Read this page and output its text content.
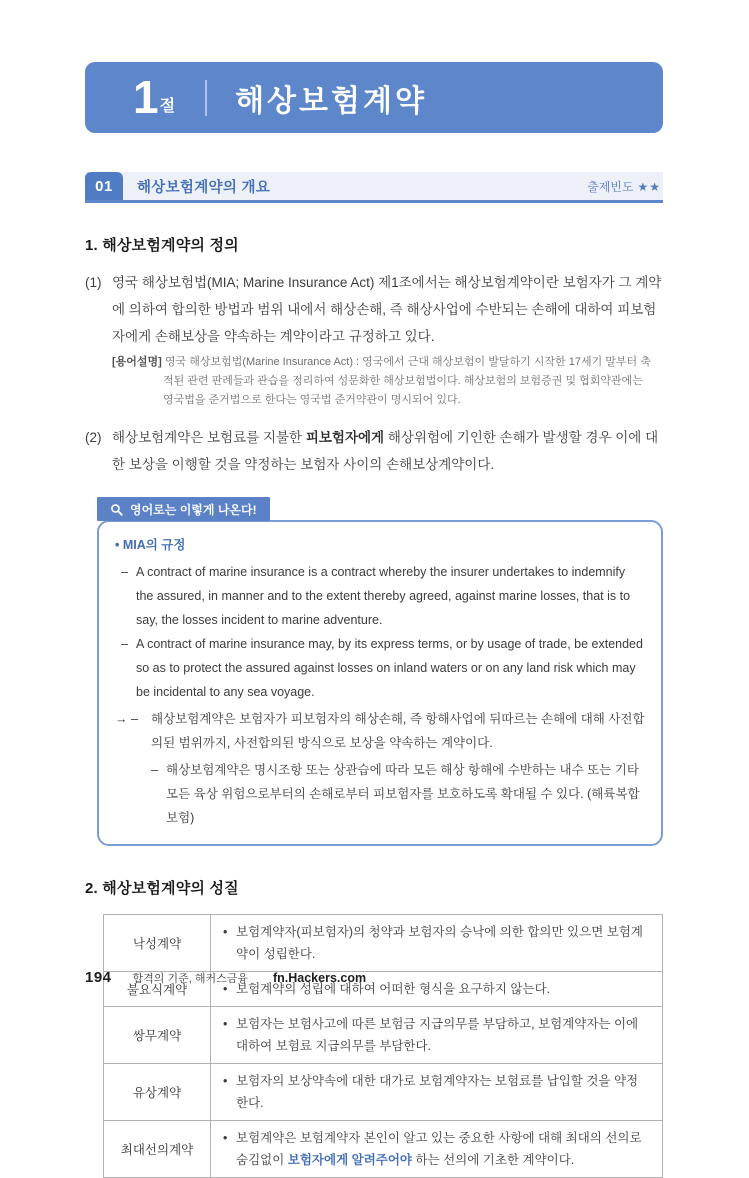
1 절 해상보험계약
01	해상보험계약의 개요	출제빈도 ★★
1. 해상보험계약의 정의
(1) 영국 해상보험법(MIA; Marine Insurance Act) 제1조에서는 해상보험계약이란 보험자가 그 계약에 의하여 합의한 방법과 범위 내에서 해상손해, 즉 해상사업에 수반되는 손해에 대하여 피보험자에게 손해보상을 약속하는 계약이라고 규정하고 있다.
[용어설명] 영국 해상보험법(Marine Insurance Act) : 영국에서 근대 해상보험이 발달하기 시작한 17세기 말부터 축적된 관련 판례들과 관습을 정리하여 성문화한 해상보험법이다. 해상보험의 보험증권 및 협회약관에는 영국법을 준거법으로 한다는 영국법 준거약관이 명시되어 있다.
(2) 해상보험계약은 보험료를 지불한 피보험자에게 해상위험에 기인한 손해가 발생할 경우 이에 대한 보상을 이행할 것을 약정하는 보험자 사이의 손해보상계약이다.
영어로는 이렇게 나온다!
• MIA의 규정
– A contract of marine insurance is a contract whereby the insurer undertakes to indemnify the assured, in manner and to the extent thereby agreed, against marine losses, that is to say, the losses incident to marine adventure.
– A contract of marine insurance may, by its express terms, or by usage of trade, be extended so as to protect the assured against losses on inland waters or on any land risk which may be incidental to any sea voyage.
→ –	해상보험계약은 보험자가 피보험자의 해상손해, 즉 항해사업에 뒤따르는 손해에 대해 사전합의된 범위까지, 사전합의된 방식으로 보상을 약속하는 계약이다.
– 해상보험계약은 명시조항 또는 상관습에 따라 모든 해상 항해에 수반하는 내수 또는 기타 모든 육상 위험으로부터의 손해로부터 피보험자를 보호하도록 확대될 수 있다. (해륙복합보험)
2. 해상보험계약의 성질
낙성계약	• 보험계약자(피보험자)의 청약과 보험자의 승낙에 의한 합의만 있으면 보험계약이 성립한다.

불요식계약	• 보험계약의 성립에 대하여 어떠한 형식을 요구하지 않는다.

쌍무계약	• 보험자는 보험사고에 따른 보험금 지급의무를 부담하고, 보험계약자는 이에 대하여 보험료 지급의무를 부담한다.

유상계약	• 보험자의 보상약속에 대한 대가로 보험계약자는 보험료를 납입할 것을 약정한다.

최대선의계약	• 보험계약은 보험계약자 본인이 알고 있는 중요한 사항에 대해 최대의 선의로 숨김없이 보험자에게 알려주어야 하는 선의에 기초한 계약이다.
194 합격의 기준, 해커스금융 fn.Hackers.com
